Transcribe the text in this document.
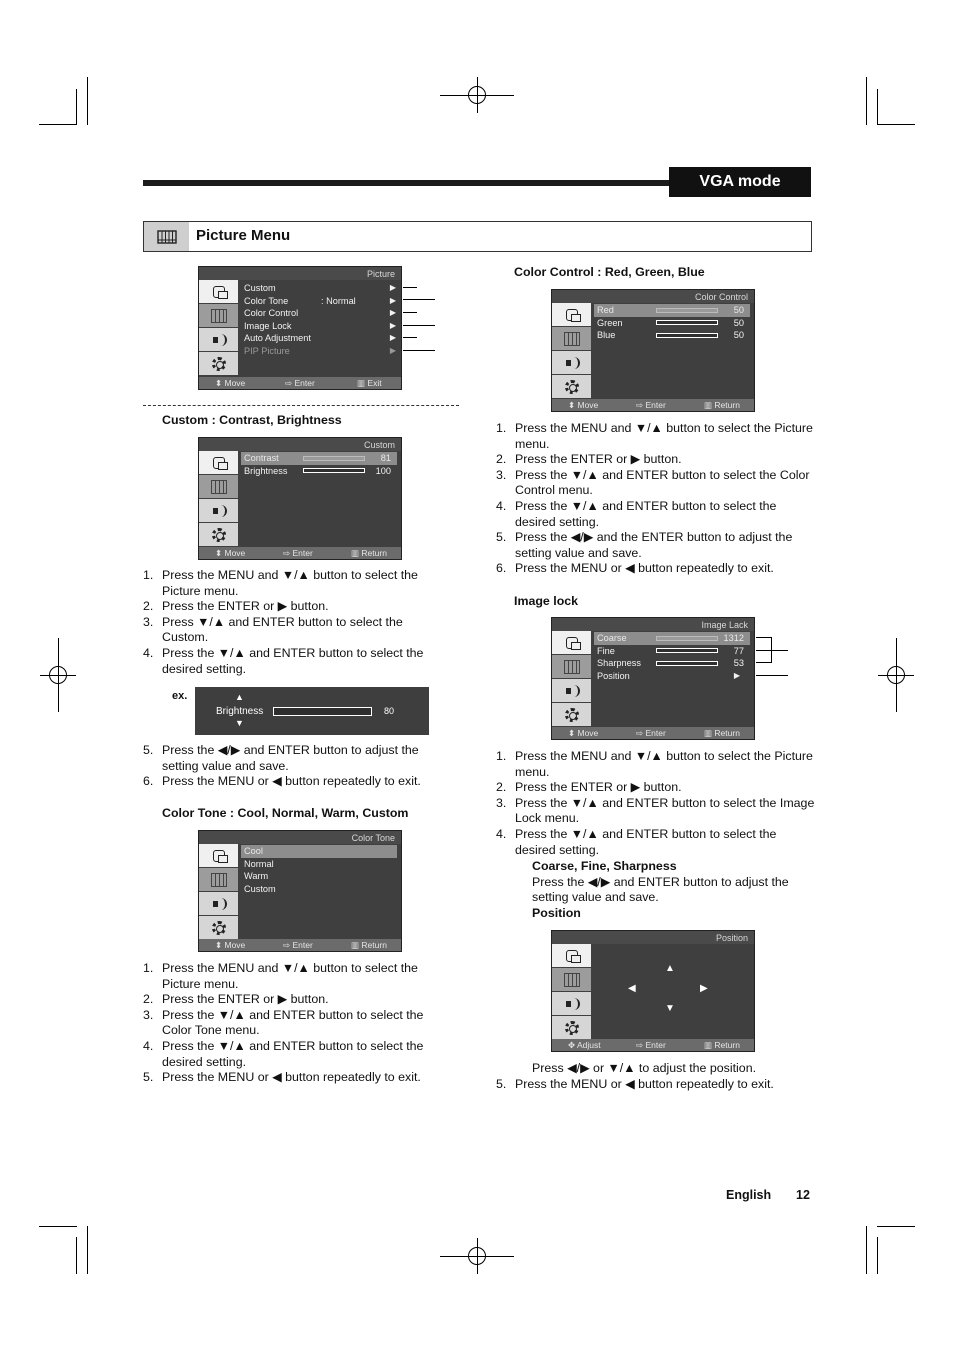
VGA mode
Picture Menu
Picture
Custom	▶
Color Tone	: Normal	▶
Color Control	▶
Image Lock	▶
Auto Adjustment	▶
PIP Picture	▶
⬍ Move	⇨ Enter	▥ Exit
Custom : Contrast, Brightness
Custom
Contrast	81
Brightness	100
⬍ Move	⇨ Enter	▥ Return
1. Press the MENU and ▼/▲ button to select the Picture menu.
2. Press the ENTER or ▶ button.
3. Press ▼/▲ and ENTER button to select the Custom.
4. Press the ▼/▲ and ENTER button to select the desired setting.
ex.	▲
Brightness	80
▼
5. Press the ◀/▶ and ENTER button to adjust the setting value and save.
6. Press the MENU or ◀ button repeatedly to exit.
Color Tone : Cool, Normal, Warm, Custom
Color Tone
Cool
Normal
Warm
Custom
⬍ Move	⇨ Enter	▥ Return
1. Press the MENU and ▼/▲ button to select the Picture menu.
2. Press the ENTER or ▶ button.
3. Press the ▼/▲ and ENTER button to select the Color Tone menu.
4. Press the ▼/▲ and ENTER button to select the desired setting.
5. Press the MENU or ◀ button repeatedly to exit.
Color Control : Red, Green, Blue
Color Control
Red	50
Green	50
Blue	50
⬍ Move	⇨ Enter	▥ Return
1. Press the MENU and ▼/▲ button to select the Picture menu.
2. Press the ENTER or ▶ button.
3. Press the ▼/▲ and ENTER button to select the Color Control menu.
4. Press the ▼/▲ and ENTER button to select the desired setting.
5. Press the ◀/▶ and the ENTER button to adjust the setting value and save.
6. Press the MENU or ◀ button repeatedly to exit.
Image lock
Image Lack
Coarse	1312
Fine	77
Sharpness	53
Position	▶
⬍ Move	⇨ Enter	▥ Return
1. Press the MENU and ▼/▲ button to select the Picture menu.
2. Press the ENTER or ▶ button.
3. Press the ▼/▲ and ENTER button to select the Image Lock menu.
4. Press the ▼/▲ and ENTER button to select the desired setting.
Coarse, Fine, Sharpness
Press the ◀/▶ and ENTER button to adjust the setting value and save.
Position
Position
▲
◀	▶
▼
✥ Adjust	⇨ Enter	▥ Return
Press ◀/▶ or ▼/▲ to adjust the position.
5. Press the MENU or ◀ button repeatedly to exit.
English 12
